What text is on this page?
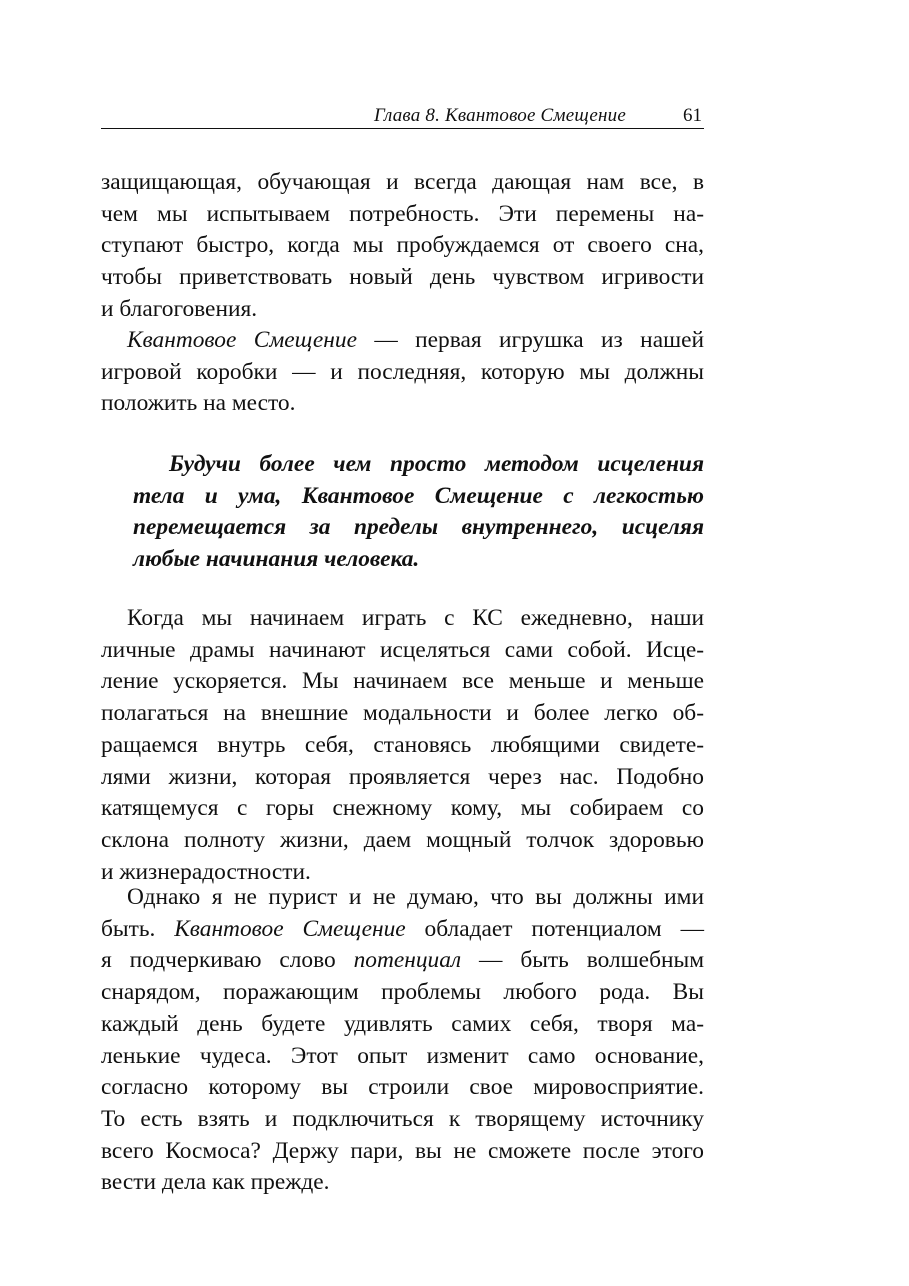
Глава 8. Квантовое Смещение	61

защищающая, обучающая и всегда дающая нам все, в
чем мы испытываем потребность. Эти перемены на-
ступают быстро, когда мы пробуждаемся от своего сна,
чтобы приветствовать новый день чувством игривости
и благоговения.

Квантовое Смещение — первая игрушка из нашей
игровой коробки — и последняя, которую мы должны
положить на место.

Будучи более чем просто методом исцеления
тела и ума, Квантовое Смещение с легкостью
перемещается за пределы внутреннего, исцеляя
любые начинания человека.

Когда мы начинаем играть с КС ежедневно, наши
личные драмы начинают исцеляться сами собой. Исце-
ление ускоряется. Мы начинаем все меньше и меньше
полагаться на внешние модальности и более легко об-
ращаемся внутрь себя, становясь любящими свидете-
лями жизни, которая проявляется через нас. Подобно
катящемуся с горы снежному кому, мы собираем со
склона полноту жизни, даем мощный толчок здоровью
и жизнерадостности.

Однако я не пурист и не думаю, что вы должны ими
быть. Квантовое Смещение обладает потенциалом —
я подчеркиваю слово потенциал — быть волшебным
снарядом, поражающим проблемы любого рода. Вы
каждый день будете удивлять самих себя, творя ма-
ленькие чудеса. Этот опыт изменит само основание,
согласно которому вы строили свое мировосприятие.
То есть взять и подключиться к творящему источнику
всего Космоса? Держу пари, вы не сможете после этого
вести дела как прежде.
